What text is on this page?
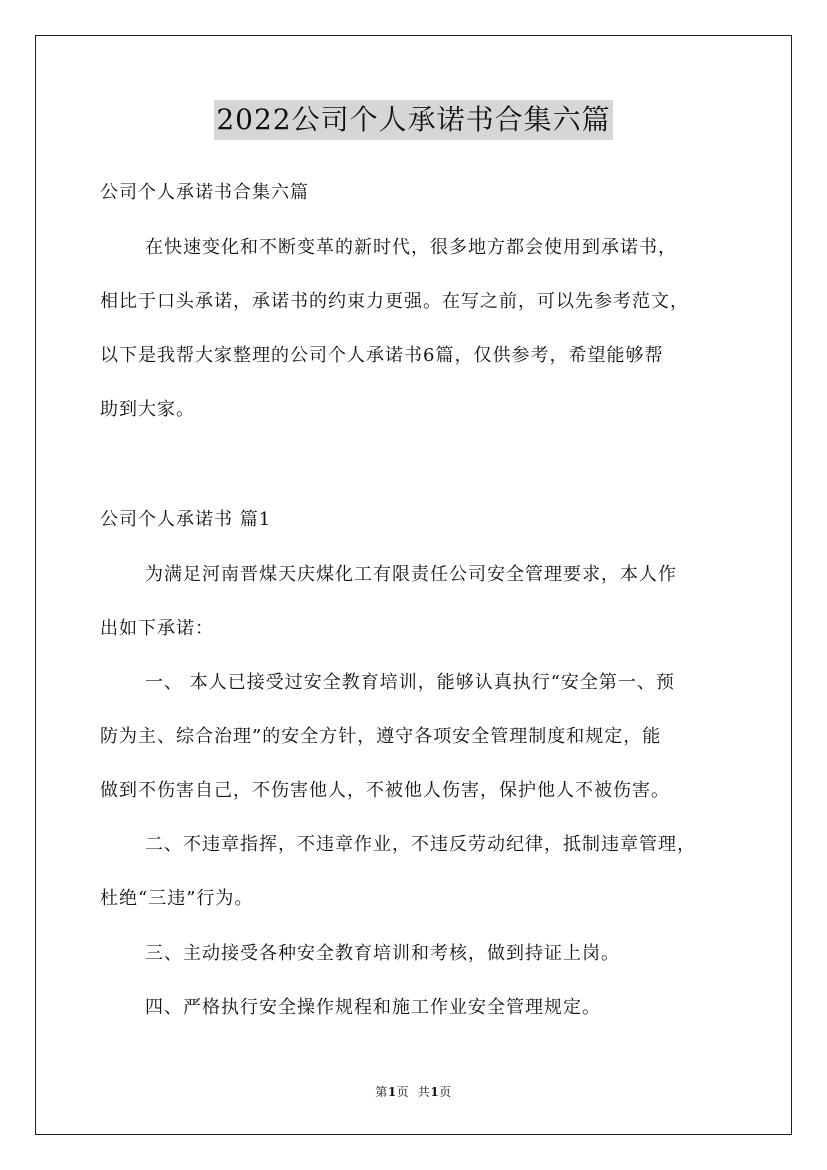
2022公司个人承诺书合集六篇
公司个人承诺书合集六篇
在快速变化和不断变革的新时代，很多地方都会使用到承诺书，
相比于口头承诺，承诺书的约束力更强。在写之前，可以先参考范文，
以下是我帮大家整理的公司个人承诺书6篇，仅供参考，希望能够帮
助到大家。
公司个人承诺书 篇1
为满足河南晋煤天庆煤化工有限责任公司安全管理要求，本人作
出如下承诺：
一、 本人已接受过安全教育培训，能够认真执行“安全第一、预
防为主、综合治理”的安全方针，遵守各项安全管理制度和规定，能
做到不伤害自己，不伤害他人，不被他人伤害，保护他人不被伤害。
二、不违章指挥，不违章作业，不违反劳动纪律，抵制违章管理，
杜绝“三违”行为。
三、主动接受各种安全教育培训和考核，做到持证上岗。
四、严格执行安全操作规程和施工作业安全管理规定。
第1页  共1页
